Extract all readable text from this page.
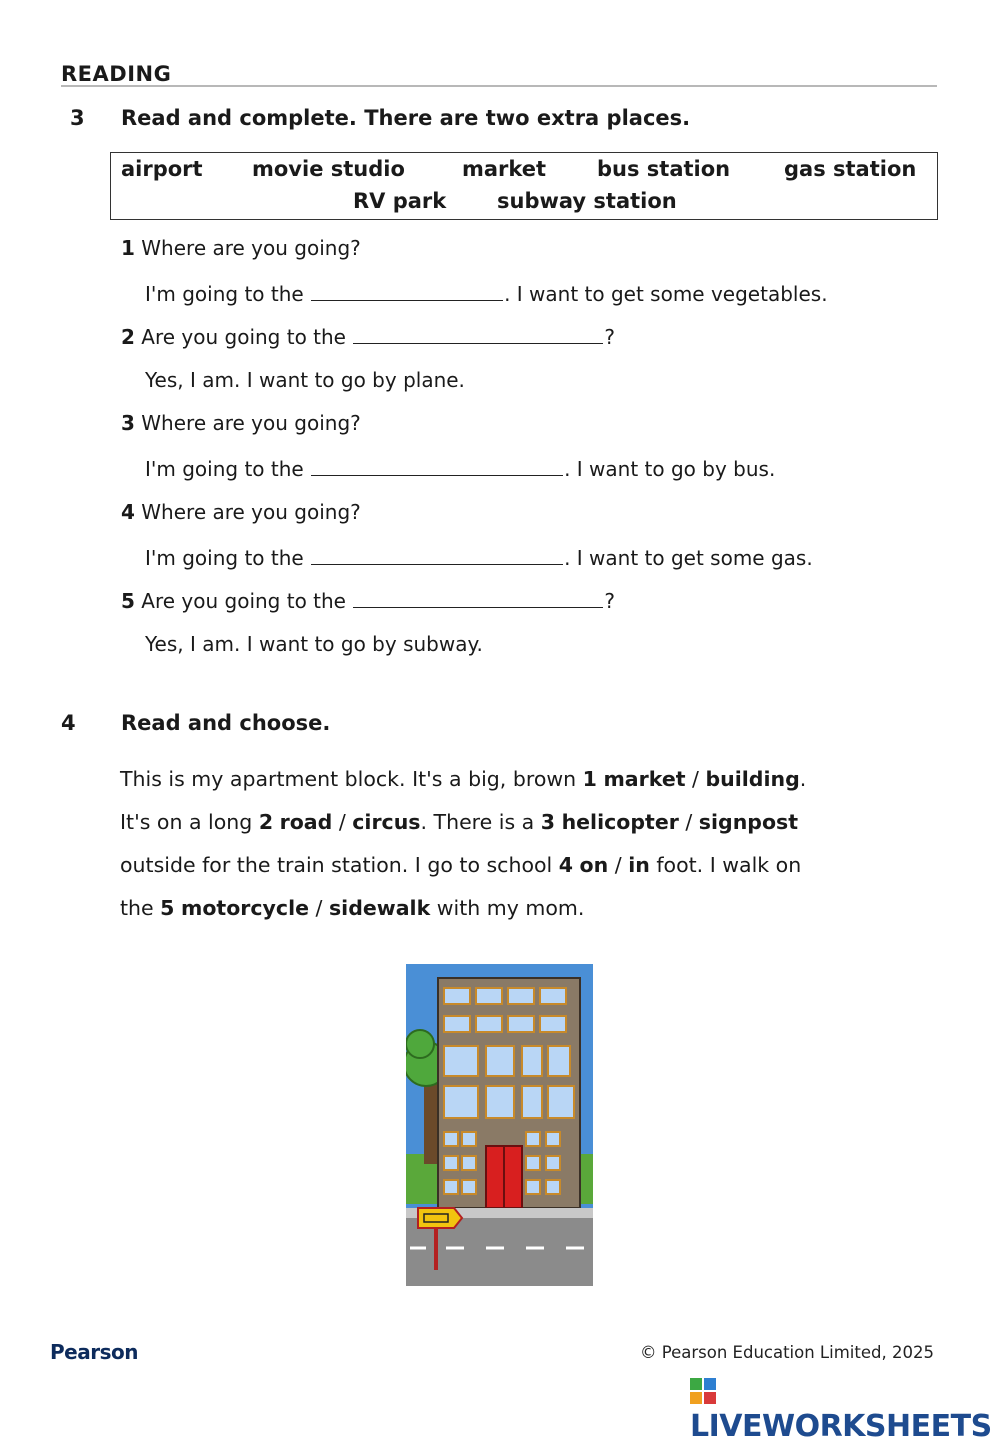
READING
3 Read and complete. There are two extra places.
airport movie studio	market bus station	gas station
RV park subway station
1 Where are you going?
I'm going to the	. I want to get some vegetables.
2 Are you going to the	?
Yes, I am. I want to go by plane.
3 Where are you going?
I'm going to the	. I want to go by bus.
4 Where are you going?
I'm going to the	. I want to get some gas.
5 Are you going to the	?
Yes, I am. I want to go by subway.
4 Read and choose.
This is my apartment block. It's a big, brown 1 market / building.
It's on a long 2 road / circus. There is a 3 helicopter / signpost
outside for the train station. I go to school 4 on / in foot. I walk on
the 5 motorcycle / sidewalk with my mom.
Pearson	© Pearson Education Limited, 2025
LIVEWORKSHEETS
